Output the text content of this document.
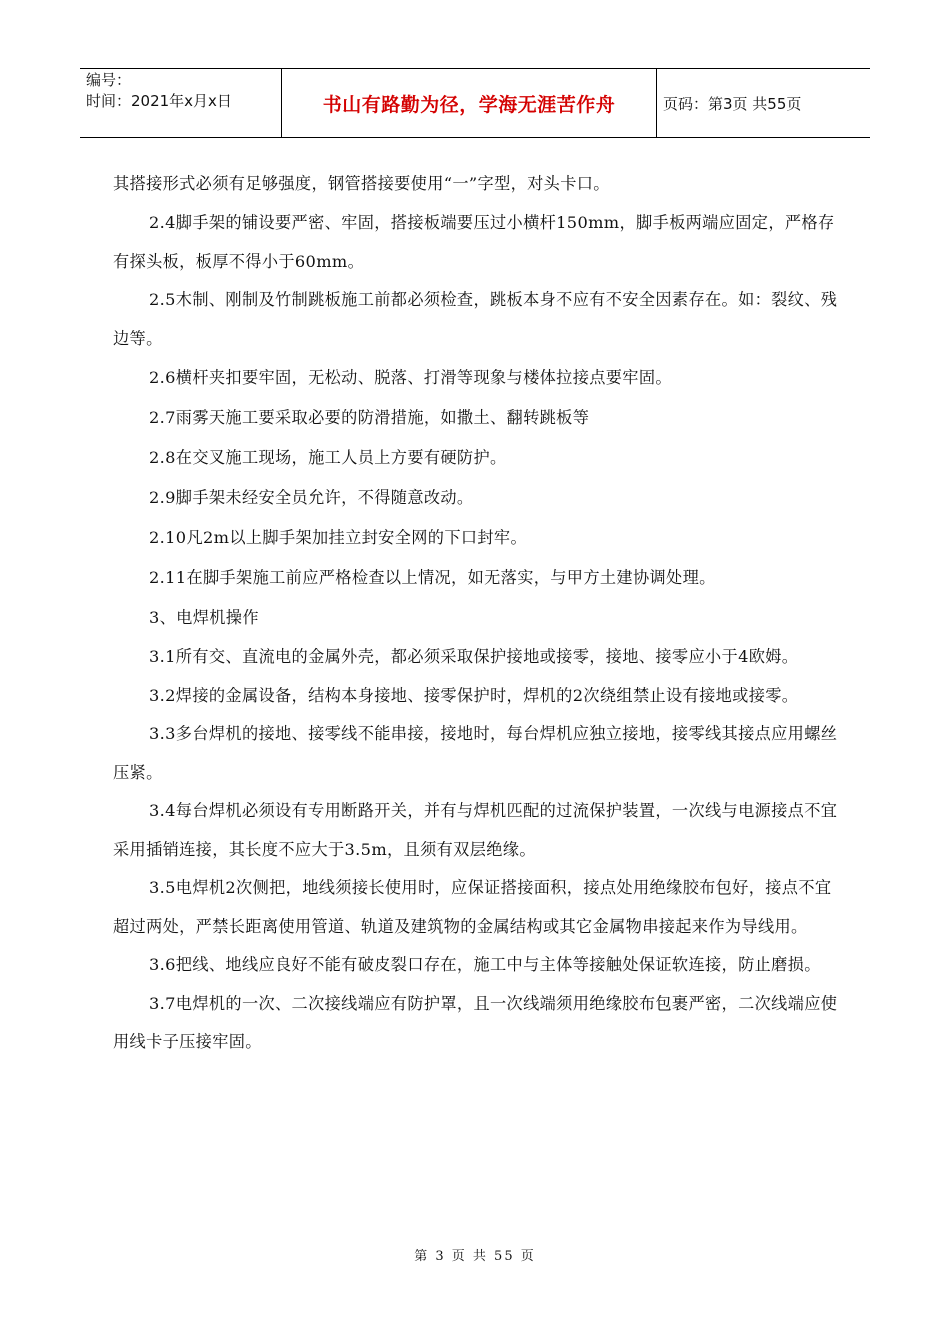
编号：
时间：2021年x月x日	书山有路勤为径，学海无涯苦作舟	页码：第3页 共55页

其搭接形式必须有足够强度，钢管搭接要使用“一”字型，对头卡口。

2.4脚手架的铺设要严密、牢固，搭接板端要压过小横杆150mm，脚手板两端应固定，严格存有探头板，板厚不得小于60mm。

2.5木制、刚制及竹制跳板施工前都必须检查，跳板本身不应有不安全因素存在。如：裂纹、残边等。

2.6横杆夹扣要牢固，无松动、脱落、打滑等现象与楼体拉接点要牢固。

2.7雨雾天施工要采取必要的防滑措施，如撒土、翻转跳板等

2.8在交叉施工现场，施工人员上方要有硬防护。

2.9脚手架未经安全员允许，不得随意改动。

2.10凡2m以上脚手架加挂立封安全网的下口封牢。

2.11在脚手架施工前应严格检查以上情况，如无落实，与甲方土建协调处理。

3、电焊机操作

3.1所有交、直流电的金属外壳，都必须采取保护接地或接零，接地、接零应小于4欧姆。

3.2焊接的金属设备，结构本身接地、接零保护时，焊机的2次绕组禁止设有接地或接零。

3.3多台焊机的接地、接零线不能串接，接地时，每台焊机应独立接地，接零线其接点应用螺丝压紧。

3.4每台焊机必须设有专用断路开关，并有与焊机匹配的过流保护装置，一次线与电源接点不宜采用插销连接，其长度不应大于3.5m，且须有双层绝缘。

3.5电焊机2次侧把，地线须接长使用时，应保证搭接面积，接点处用绝缘胶布包好，接点不宜超过两处，严禁长距离使用管道、轨道及建筑物的金属结构或其它金属物串接起来作为导线用。

3.6把线、地线应良好不能有破皮裂口存在，施工中与主体等接触处保证软连接，防止磨损。

3.7电焊机的一次、二次接线端应有防护罩，且一次线端须用绝缘胶布包裹严密，二次线端应使用线卡子压接牢固。

第 3 页 共 55 页
